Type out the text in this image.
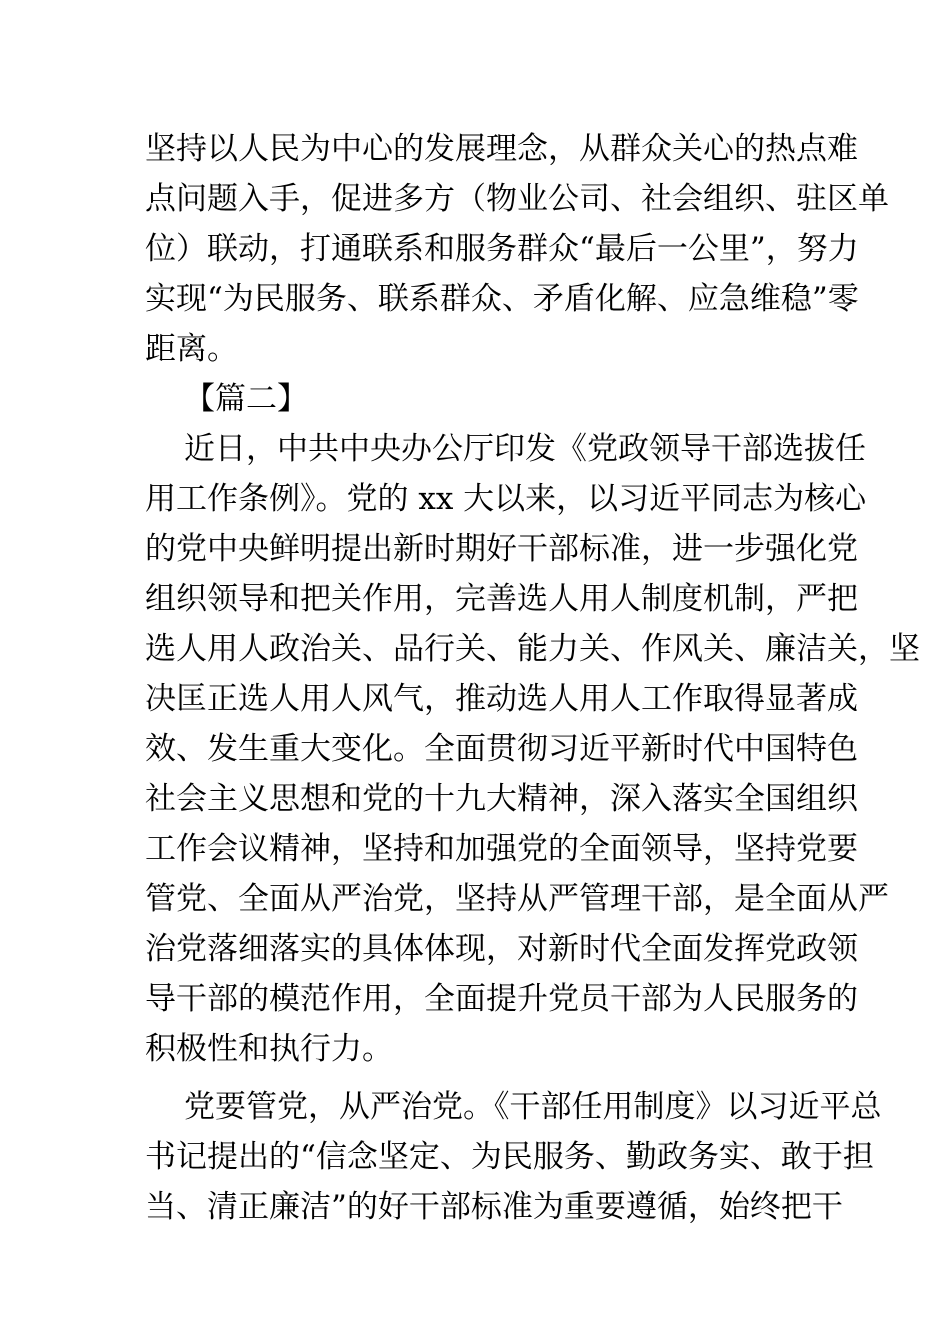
坚持以人民为中心的发展理念，从群众关心的热点难
点问题入手，促进多方（物业公司、社会组织、驻区单
位）联动，打通联系和服务群众“最后一公里”，努力
实现“为民服务、联系群众、矛盾化解、应急维稳”零
距离。
【篇二】
近日，中共中央办公厅印发《党政领导干部选拔任
用工作条例》。党的 xx 大以来，以习近平同志为核心
的党中央鲜明提出新时期好干部标准，进一步强化党
组织领导和把关作用，完善选人用人制度机制，严把
选人用人政治关、品行关、能力关、作风关、廉洁关，坚
决匡正选人用人风气，推动选人用人工作取得显著成
效、发生重大变化。全面贯彻习近平新时代中国特色
社会主义思想和党的十九大精神，深入落实全国组织
工作会议精神，坚持和加强党的全面领导，坚持党要
管党、全面从严治党，坚持从严管理干部，是全面从严
治党落细落实的具体体现，对新时代全面发挥党政领
导干部的模范作用，全面提升党员干部为人民服务的
积极性和执行力。
党要管党，从严治党。《干部任用制度》以习近平总
书记提出的“信念坚定、为民服务、勤政务实、敢于担
当、清正廉洁”的好干部标准为重要遵循，始终把干
